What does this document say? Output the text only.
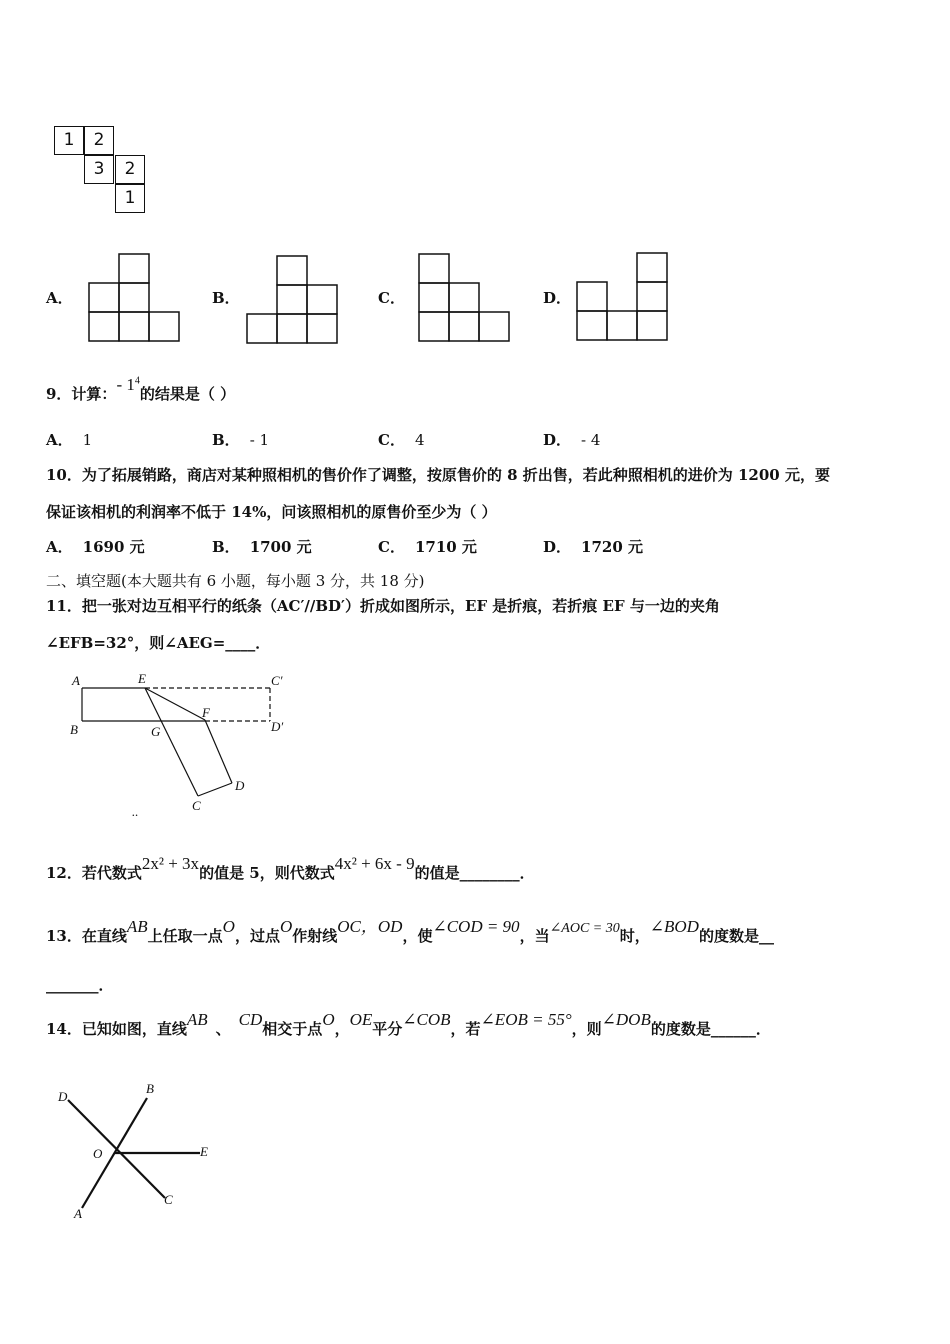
1	2
3	2
1
A．	B．	C．	D．
9．计算：- $1^4$的结果是（ ）
A． 1	B． - 1	C． 4	D． - 4
10．为了拓展销路，商店对某种照相机的售价作了调整，按原售价的 8 折出售，若此种照相机的进价为 1200 元，要
保证该相机的利润率不低于 14%，问该照相机的原售价至少为（ ）
A． 1690 元	B． 1700 元	C． 1710 元	D． 1720 元
二、填空题(本大题共有 6 小题，每小题 3 分，共 18 分)
11．把一张对边互相平行的纸条（AC′//BD′）折成如图所示，EF 是折痕，若折痕 EF 与一边的夹角
∠EFB=32°，则∠AEG=____．
A	E	C′
B	G
F
D′
D
C
..
12．若代数式2x² + 3x的值是 5，则代数式4x² + 6x - 9的值是________．
13．在直线AB上任取一点O，过点O作射线OC，OD，使∠COD = 90，当∠AOC = 30时，∠BOD的度数是__
_______．
14．已知如图，直线AB 、 CD相交于点O，OE平分∠COB，若∠EOB = 55°，则∠DOB的度数是______．
D
B
O	E
A
C
